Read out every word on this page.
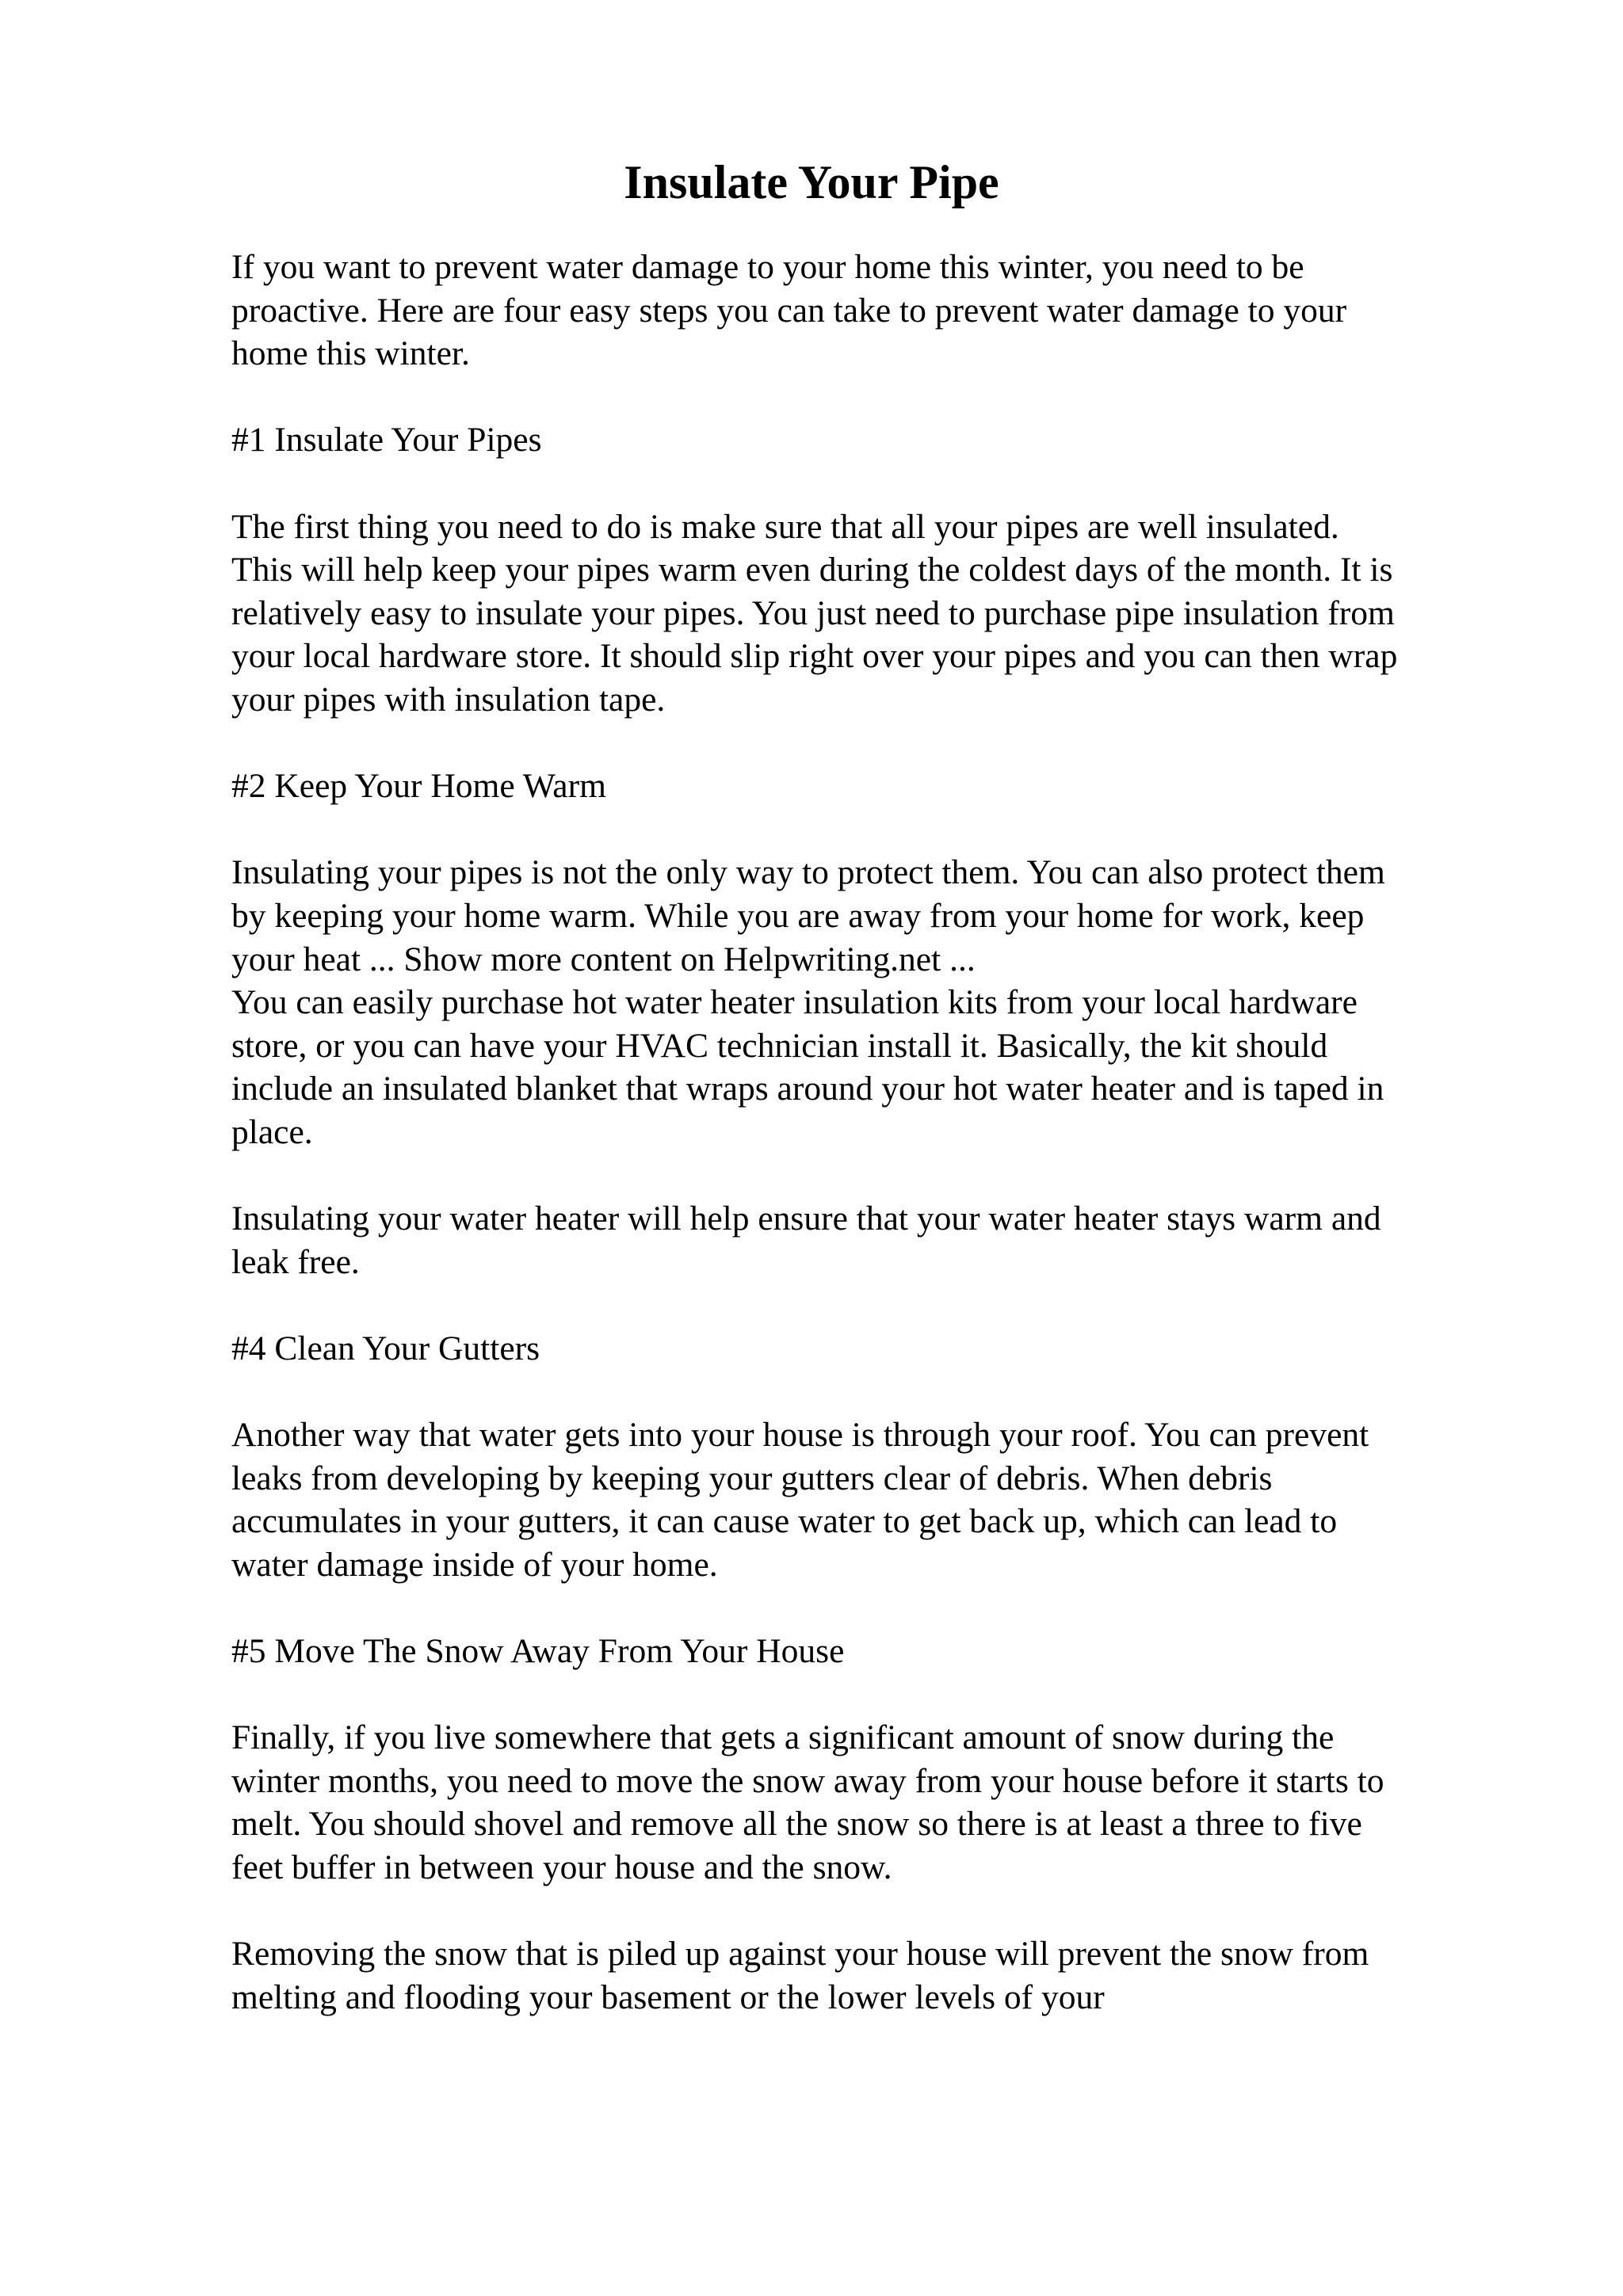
Insulate Your Pipe
If you want to prevent water damage to your home this winter, you need to be
proactive. Here are four easy steps you can take to prevent water damage to your
home this winter.
#1 Insulate Your Pipes
The first thing you need to do is make sure that all your pipes are well insulated.
This will help keep your pipes warm even during the coldest days of the month. It is
relatively easy to insulate your pipes. You just need to purchase pipe insulation from
your local hardware store. It should slip right over your pipes and you can then wrap
your pipes with insulation tape.
#2 Keep Your Home Warm
Insulating your pipes is not the only way to protect them. You can also protect them
by keeping your home warm. While you are away from your home for work, keep
your heat ... Show more content on Helpwriting.net ...
You can easily purchase hot water heater insulation kits from your local hardware
store, or you can have your HVAC technician install it. Basically, the kit should
include an insulated blanket that wraps around your hot water heater and is taped in
place.
Insulating your water heater will help ensure that your water heater stays warm and
leak free.
#4 Clean Your Gutters
Another way that water gets into your house is through your roof. You can prevent
leaks from developing by keeping your gutters clear of debris. When debris
accumulates in your gutters, it can cause water to get back up, which can lead to
water damage inside of your home.
#5 Move The Snow Away From Your House
Finally, if you live somewhere that gets a significant amount of snow during the
winter months, you need to move the snow away from your house before it starts to
melt. You should shovel and remove all the snow so there is at least a three to five
feet buffer in between your house and the snow.
Removing the snow that is piled up against your house will prevent the snow from
melting and flooding your basement or the lower levels of your
